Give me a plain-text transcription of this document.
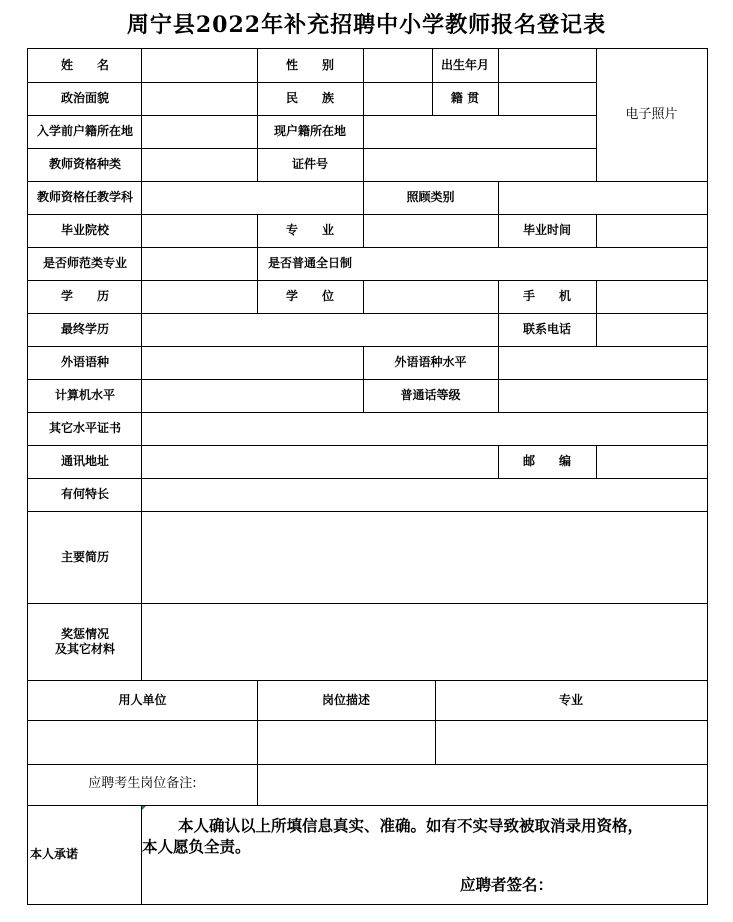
周宁县2022年补充招聘中小学教师报名登记表
姓　　名	性　　别	出生年月
电子照片
政治面貌	民　　族	籍 贯
入学前户籍所在地	现户籍所在地
教师资格种类	证件号
教师资格任教学科	照顾类别
毕业院校	专　　业	毕业时间
是否师范类专业	是否普通全日制
学　　历	学　　位	手　　机
最终学历	联系电话
外语语种	外语语种水平
计算机水平	普通话等级
其它水平证书
通讯地址	邮　　编
有何特长
主要简历
奖惩情况
及其它材料
用人单位	岗位描述	专业
应聘考生岗位备注:
本人承诺
本人确认以上所填信息真实、准确。如有不实导致被取消录用资格，
本人愿负全责。
应聘者签名：
